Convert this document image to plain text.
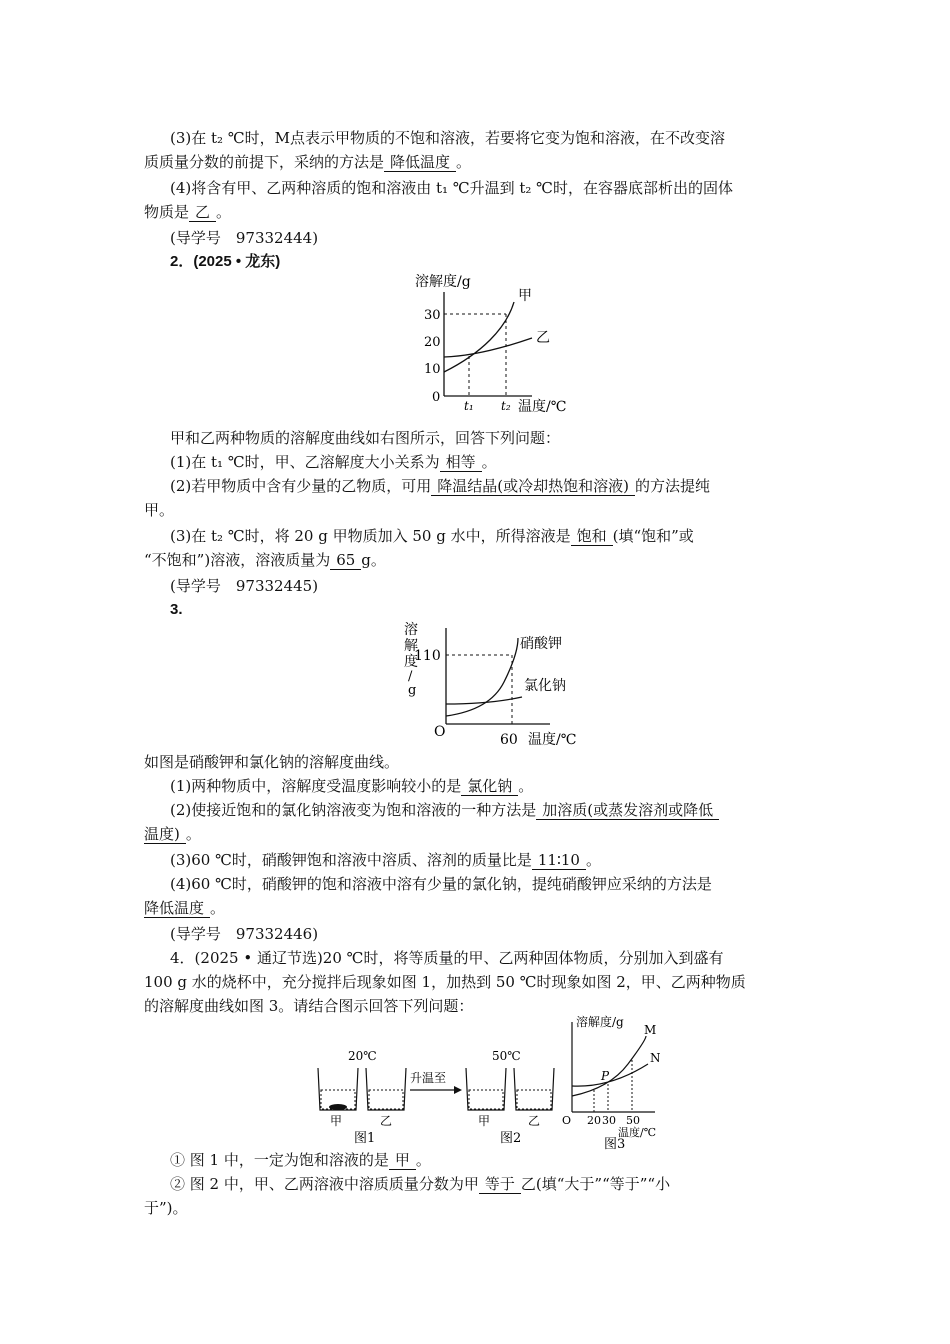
(3)在 t₂ ℃时，M点表示甲物质的不饱和溶液，若要将它变为饱和溶液，在不改变溶
质质量分数的前提下，采纳的方法是 降低温度 。
(4)将含有甲、乙两种溶质的饱和溶液由 t₁ ℃升温到 t₂ ℃时，在容器底部析出的固体
物质是 乙 。
(导学号　97332444)
2．(2025 • 龙东)
溶解度/g
30
20
10
0
甲
乙
t₁ t₂ 温度/℃
甲和乙两种物质的溶解度曲线如右图所示，回答下列问题：
(1)在 t₁ ℃时，甲、乙溶解度大小关系为 相等 。
(2)若甲物质中含有少量的乙物质，可用 降温结晶(或冷却热饱和溶液) 的方法提纯
甲。
(3)在 t₂ ℃时，将 20 g 甲物质加入 50 g 水中，所得溶液是 饱和 (填“饱和”或
“不饱和”)溶液，溶液质量为 65 g。
(导学号　97332445)
3.
溶
解
度
/
g
110
硝酸钾
氯化钠
O	60 温度/℃
如图是硝酸钾和氯化钠的溶解度曲线。
(1)两种物质中，溶解度受温度影响较小的是 氯化钠 。
(2)使接近饱和的氯化钠溶液变为饱和溶液的一种方法是 加溶质(或蒸发溶剂或降低
温度) 。
(3)60 ℃时，硝酸钾饱和溶液中溶质、溶剂的质量比是 11∶10 。
(4)60 ℃时，硝酸钾的饱和溶液中溶有少量的氯化钠，提纯硝酸钾应采纳的方法是
降低温度 。
(导学号　97332446)
4．(2025 • 通辽节选)20 ℃时，将等质量的甲、乙两种固体物质，分别加入到盛有
100 g 水的烧杯中，充分搅拌后现象如图 1，加热到 50 ℃时现象如图 2，甲、乙两种物质
的溶解度曲线如图 3。请结合图示回答下列问题：
20℃
甲	乙
图1
升温至
50℃
甲	乙
图2
溶解度/g
M
N
P
O 20 30 50
温度/℃
图3
① 图 1 中，一定为饱和溶液的是 甲 。
② 图 2 中，甲、乙两溶液中溶质质量分数为甲 等于 乙(填“大于”“等于”“小
于”)。
